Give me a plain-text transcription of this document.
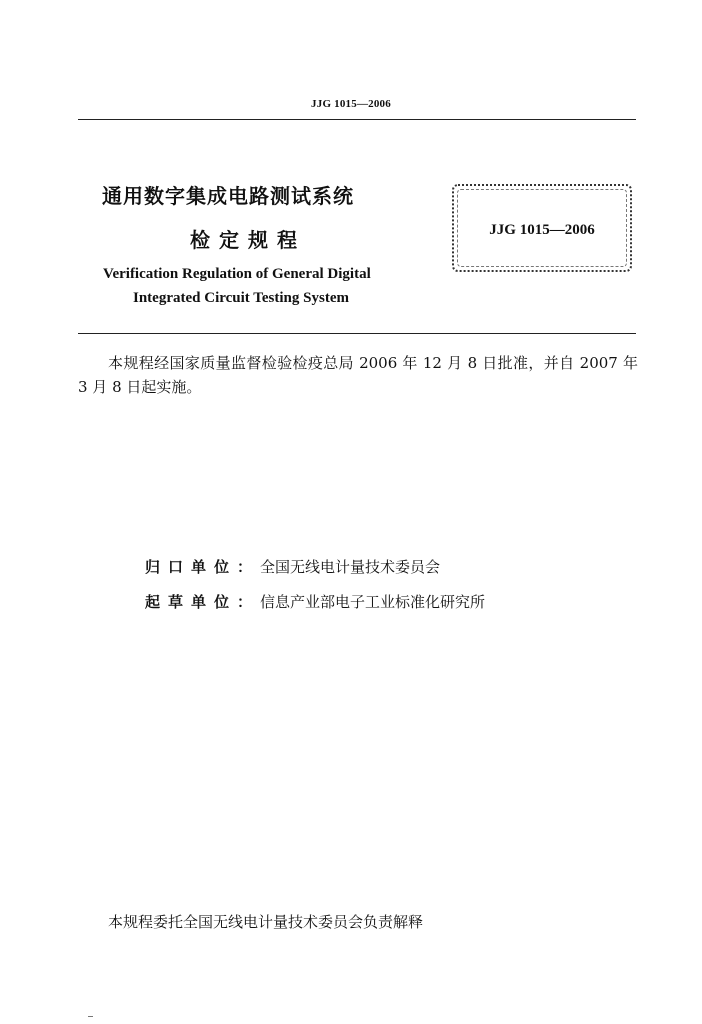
JJG 1015—2006
通用数字集成电路测试系统
检定规程
Verification Regulation of General Digital
Integrated Circuit Testing System
JJG 1015—2006
本规程经国家质量监督检验检疫总局 2006 年 12 月 8 日批准，并自 2007 年 3 月 8 日起实施。
归口单位：全国无线电计量技术委员会
起草单位：信息产业部电子工业标准化研究所
本规程委托全国无线电计量技术委员会负责解释
